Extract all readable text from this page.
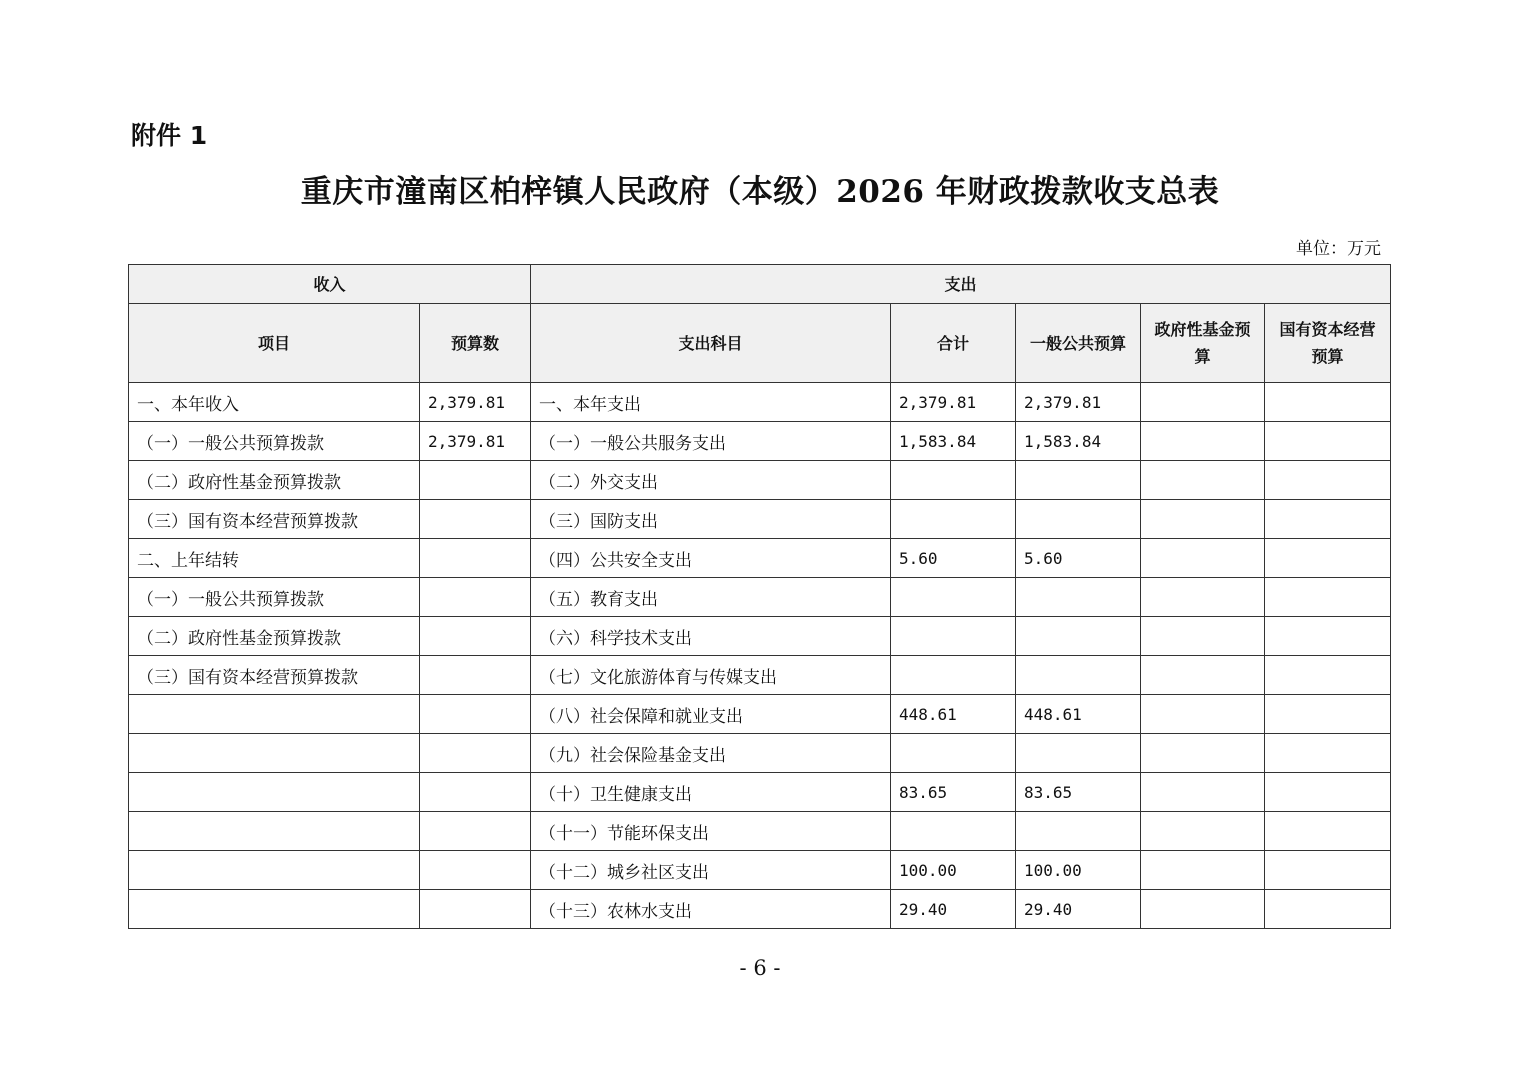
附件 1
重庆市潼南区柏梓镇人民政府（本级）2026 年财政拨款收支总表
单位：万元
收入		支出				
项目	预算数	支出科目	合计	一般公共预算	政府性基金预算	国有资本经营预算
一、本年收入	2,379.81	一、本年支出	2,379.81	2,379.81		
（一）一般公共预算拨款	2,379.81	（一）一般公共服务支出	1,583.84	1,583.84		
（二）政府性基金预算拨款		（二）外交支出				
（三）国有资本经营预算拨款		（三）国防支出				
二、上年结转		（四）公共安全支出	5.60	5.60		
（一）一般公共预算拨款		（五）教育支出				
（二）政府性基金预算拨款		（六）科学技术支出				
（三）国有资本经营预算拨款		（七）文化旅游体育与传媒支出				
		（八）社会保障和就业支出	448.61	448.61		
		（九）社会保险基金支出				
		（十）卫生健康支出	83.65	83.65		
		（十一）节能环保支出				
		（十二）城乡社区支出	100.00	100.00		
		（十三）农林水支出	29.40	29.40		
- 6 -
